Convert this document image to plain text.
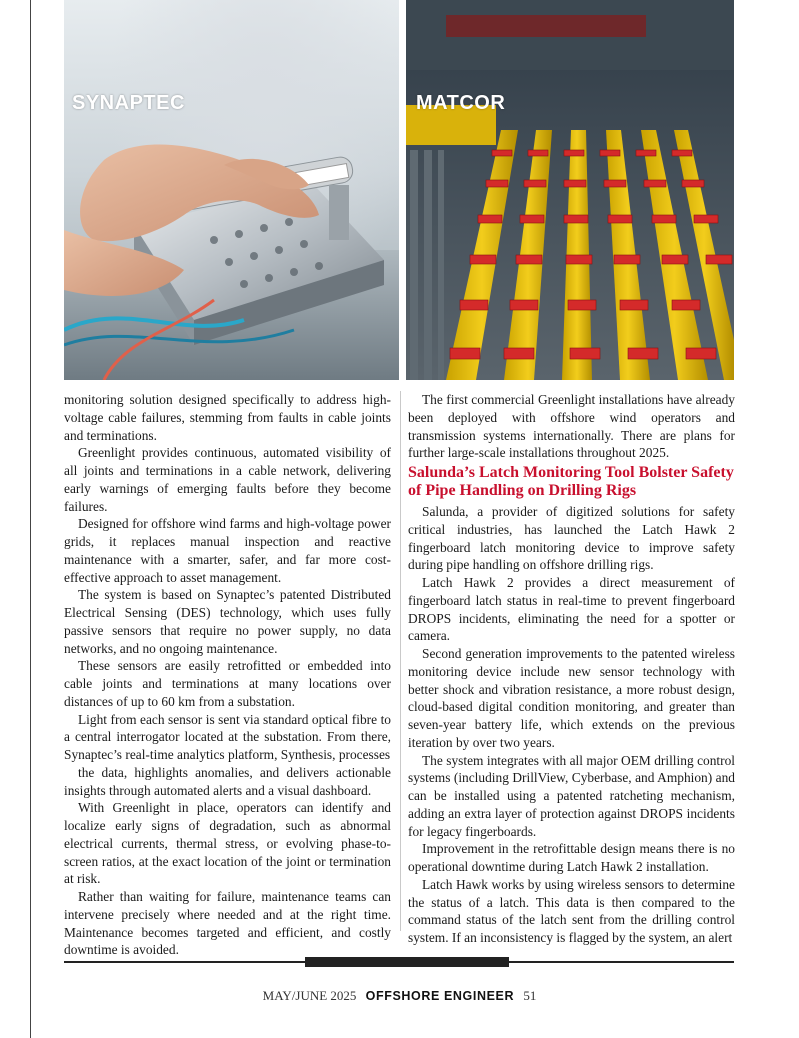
SYNAPTEC	MATCOR

monitoring solution designed specifically to address high-voltage cable failures, stemming from faults in cable joints and terminations.

Greenlight provides continuous, automated visibility of all joints and terminations in a cable network, delivering early warnings of emerging faults before they become failures.

Designed for offshore wind farms and high-voltage power grids, it replaces manual inspection and reactive maintenance with a smarter, safer, and far more cost-effective approach to asset management.

The system is based on Synaptec’s patented Distributed Electrical Sensing (DES) technology, which uses fully passive sensors that require no power supply, no data networks, and no ongoing maintenance.

These sensors are easily retrofitted or embedded into cable joints and terminations at many locations over distances of up to 60 km from a substation.

Light from each sensor is sent via standard optical fibre to a central interrogator located at the substation. From there, Synaptec’s real-time analytics platform, Synthesis, processes

the data, highlights anomalies, and delivers actionable insights through automated alerts and a visual dashboard.

With Greenlight in place, operators can identify and localize early signs of degradation, such as abnormal electrical currents, thermal stress, or evolving phase-to-screen ratios, at the exact location of the joint or termination at risk.

Rather than waiting for failure, maintenance teams can intervene precisely where needed and at the right time. Maintenance becomes targeted and efficient, and costly downtime is avoided.

The first commercial Greenlight installations have already been deployed with offshore wind operators and transmission systems internationally. There are plans for further large-scale installations throughout 2025.

Salunda’s Latch Monitoring Tool Bolster Safety of Pipe Handling on Drilling Rigs

Salunda, a provider of digitized solutions for safety critical industries, has launched the Latch Hawk 2 fingerboard latch monitoring device to improve safety during pipe handling on offshore drilling rigs.

Latch Hawk 2 provides a direct measurement of fingerboard latch status in real-time to prevent fingerboard DROPS incidents, eliminating the need for a spotter or camera.

Second generation improvements to the patented wireless monitoring device include new sensor technology with better shock and vibration resistance, a more robust design, cloud-based digital condition monitoring, and greater than seven-year battery life, which extends on the previous iteration by over two years.

The system integrates with all major OEM drilling control systems (including DrillView, Cyberbase, and Amphion) and can be installed using a patented ratcheting mechanism, adding an extra layer of protection against DROPS incidents for legacy fingerboards.

Improvement in the retrofittable design means there is no operational downtime during Latch Hawk 2 installation.

Latch Hawk works by using wireless sensors to determine the status of a latch. This data is then compared to the command status of the latch sent from the drilling control system. If an inconsistency is flagged by the system, an alert

MAY/JUNE 2025 OFFSHORE ENGINEER 51
